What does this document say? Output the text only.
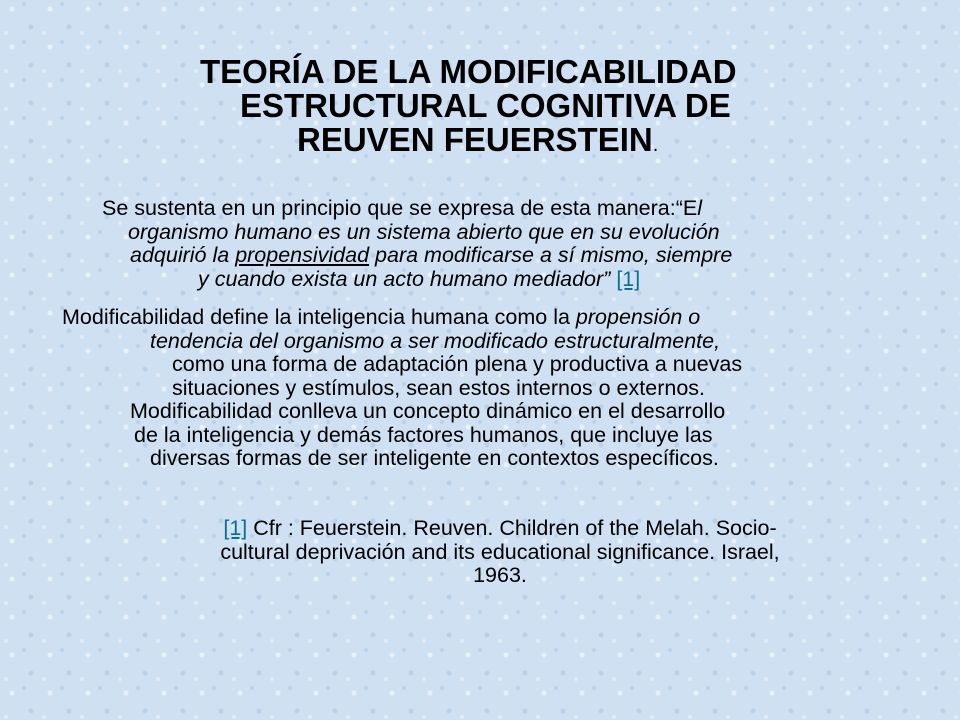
TEORÍA DE LA MODIFICABILIDAD
ESTRUCTURAL COGNITIVA DE
REUVEN FEUERSTEIN.
Se sustenta en un principio que se expresa de esta manera:“El
organismo humano es un sistema abierto que en su evolución
adquirió la propensividad para modificarse a sí mismo, siempre
y cuando exista un acto humano mediador” [1]
Modificabilidad define la inteligencia humana como la propensión o
tendencia del organismo a ser modificado estructuralmente,
como una forma de adaptación plena y productiva a nuevas
situaciones y estímulos, sean estos internos o externos.
Modificabilidad conlleva un concepto dinámico en el desarrollo
de la inteligencia y demás factores humanos, que incluye las
diversas formas de ser inteligente en contextos específicos.
[1] Cfr : Feuerstein. Reuven. Children of the Melah. Socio-
cultural deprivación and its educational significance. Israel,
1963.
